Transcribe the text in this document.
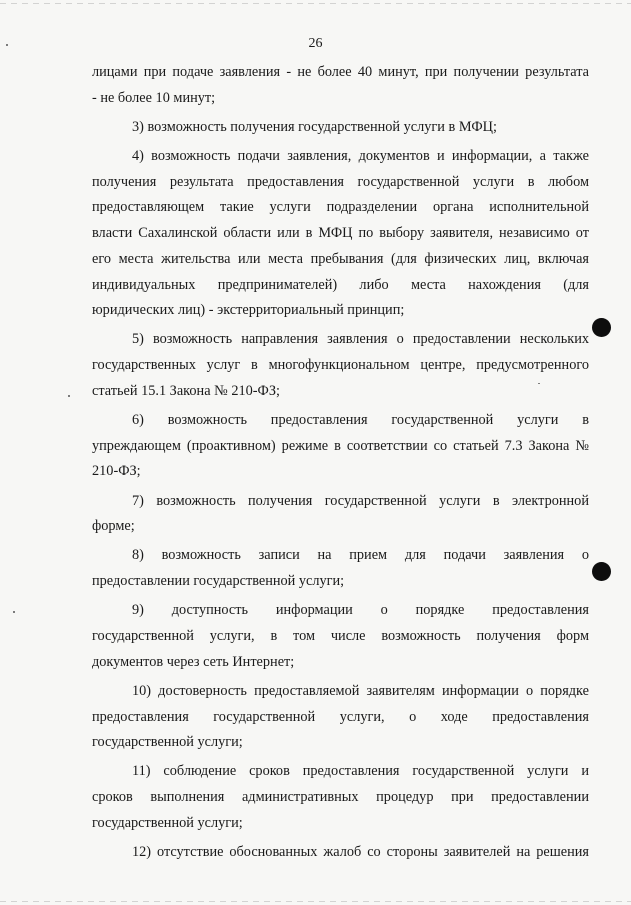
26
лицами при подаче заявления - не более 40 минут, при получении результата
- не более 10 минут;
3) возможность получения государственной услуги в МФЦ;
4) возможность подачи заявления, документов и информации, а также
получения результата предоставления государственной услуги в любом
предоставляющем такие услуги подразделении органа исполнительной
власти Сахалинской области или в МФЦ по выбору заявителя, независимо от
его места жительства или места пребывания (для физических лиц, включая
индивидуальных предпринимателей) либо места нахождения (для
юридических лиц) - экстерриториальный принцип;
5) возможность направления заявления о предоставлении нескольких
государственных услуг в многофункциональном центре, предусмотренного
статьей 15.1 Закона № 210-ФЗ;
6) возможность предоставления государственной услуги в
упреждающем (проактивном) режиме в соответствии со статьей 7.3 Закона №
210-ФЗ;
7) возможность получения государственной услуги в электронной
форме;
8) возможность записи на прием для подачи заявления о
предоставлении государственной услуги;
9) доступность информации о порядке предоставления
государственной услуги, в том числе возможность получения форм
документов через сеть Интернет;
10) достоверность предоставляемой заявителям информации о порядке
предоставления государственной услуги, о ходе предоставления
государственной услуги;
11) соблюдение сроков предоставления государственной услуги и
сроков выполнения административных процедур при предоставлении
государственной услуги;
12) отсутствие обоснованных жалоб со стороны заявителей на решения
